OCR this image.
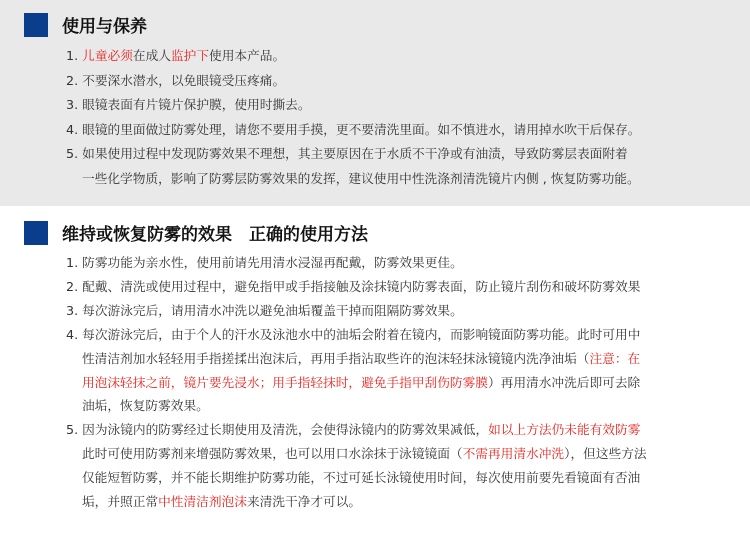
使用与保养
1. 儿童必须在成人监护下使用本产品。
2. 不要深水潜水，以免眼镜受压疼痛。
3. 眼镜表面有片镜片保护膜，使用时撕去。
4. 眼镜的里面做过防雾处理，请您不要用手摸，更不要清洗里面。如不慎进水，请用掉水吹干后保存。
5. 如果使用过程中发现防雾效果不理想，其主要原因在于水质不干净或有油渍，导致防雾层表面附着
一些化学物质，影响了防雾层防雾效果的发挥，建议使用中性洗涤剂清洗镜片内侧 , 恢复防雾功能。
维持或恢复防雾的效果　正确的使用方法
1. 防雾功能为亲水性，使用前请先用清水浸湿再配戴，防雾效果更佳。
2. 配戴、清洗或使用过程中，避免指甲或手指接触及涂抹镜内防雾表面，防止镜片刮伤和破坏防雾效果
3. 每次游泳完后，请用清水冲洗以避免油垢覆盖干掉而阻隔防雾效果。
4. 每次游泳完后，由于个人的汗水及泳池水中的油垢会附着在镜内，而影响镜面防雾功能。此时可用中
性清洁剂加水轻轻用手指搓揉出泡沫后，再用手指沾取些许的泡沫轻抹泳镜镜内洗净油垢（注意：在
用泡沫轻抹之前，镜片要先浸水；用手指轻抹时，避免手指甲刮伤防雾膜）再用清水冲洗后即可去除
油垢，恢复防雾效果。
5. 因为泳镜内的防雾经过长期使用及清洗，会使得泳镜内的防雾效果减低，如以上方法仍未能有效防雾
此时可使用防雾剂来增强防雾效果，也可以用口水涂抹于泳镜镜面（不需再用清水冲洗），但这些方法
仅能短暂防雾，并不能长期维护防雾功能，不过可延长泳镜使用时间，每次使用前要先看镜面有否油
垢，并照正常中性清洁剂泡沫来清洗干净才可以。
